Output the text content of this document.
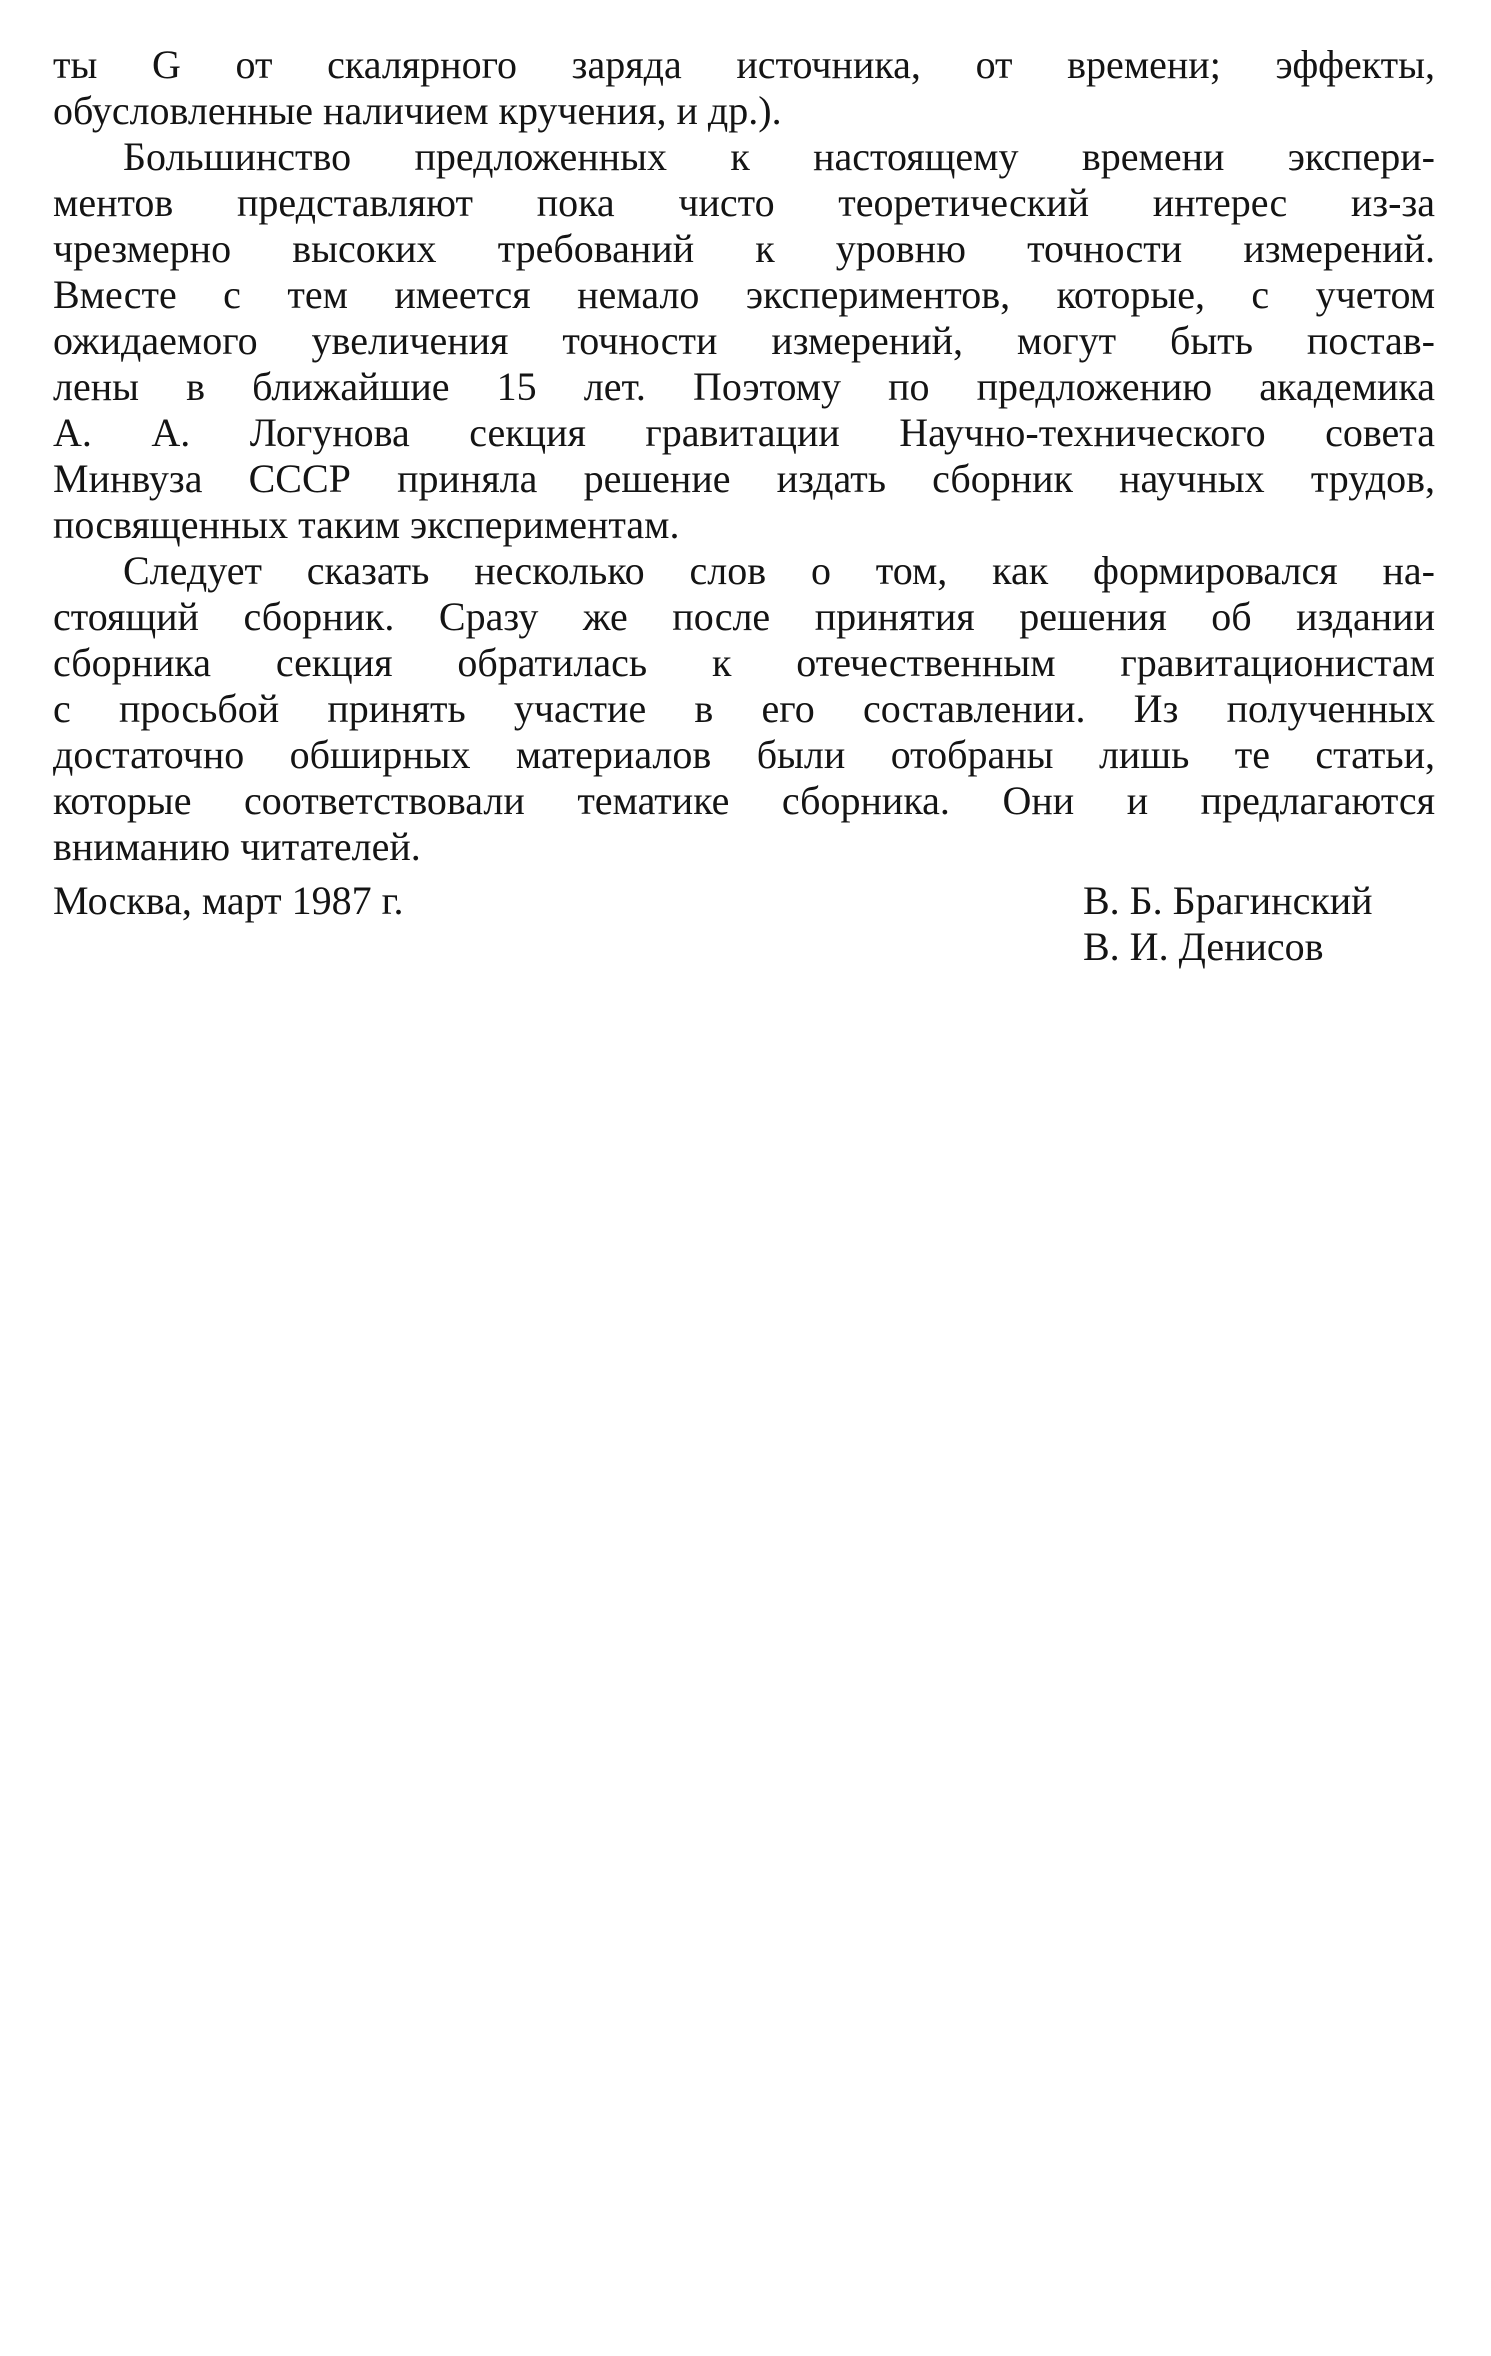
ты G от скалярного заряда источника, от времени; эффекты,
обусловленные наличием кручения, и др.).
Большинство предложенных к настоящему времени экспери-
ментов представляют пока чисто теоретический интерес из-за
чрезмерно высоких требований к уровню точности измерений.
Вместе с тем имеется немало экспериментов, которые, с учетом
ожидаемого увеличения точности измерений, могут быть постав-
лены в ближайшие 15 лет. Поэтому по предложению академика
А. А. Логунова секция гравитации Научно-технического совета
Минвуза СССР приняла решение издать сборник научных трудов,
посвященных таким экспериментам.
Следует сказать несколько слов о том, как формировался на-
стоящий сборник. Сразу же после принятия решения об издании
сборника секция обратилась к отечественным гравитационистам
с просьбой принять участие в его составлении. Из полученных
достаточно обширных материалов были отобраны лишь те статьи,
которые соответствовали тематике сборника. Они и предлагаются
вниманию читателей.
Москва, март 1987 г.	В. Б. Брагинский
В. И. Денисов
